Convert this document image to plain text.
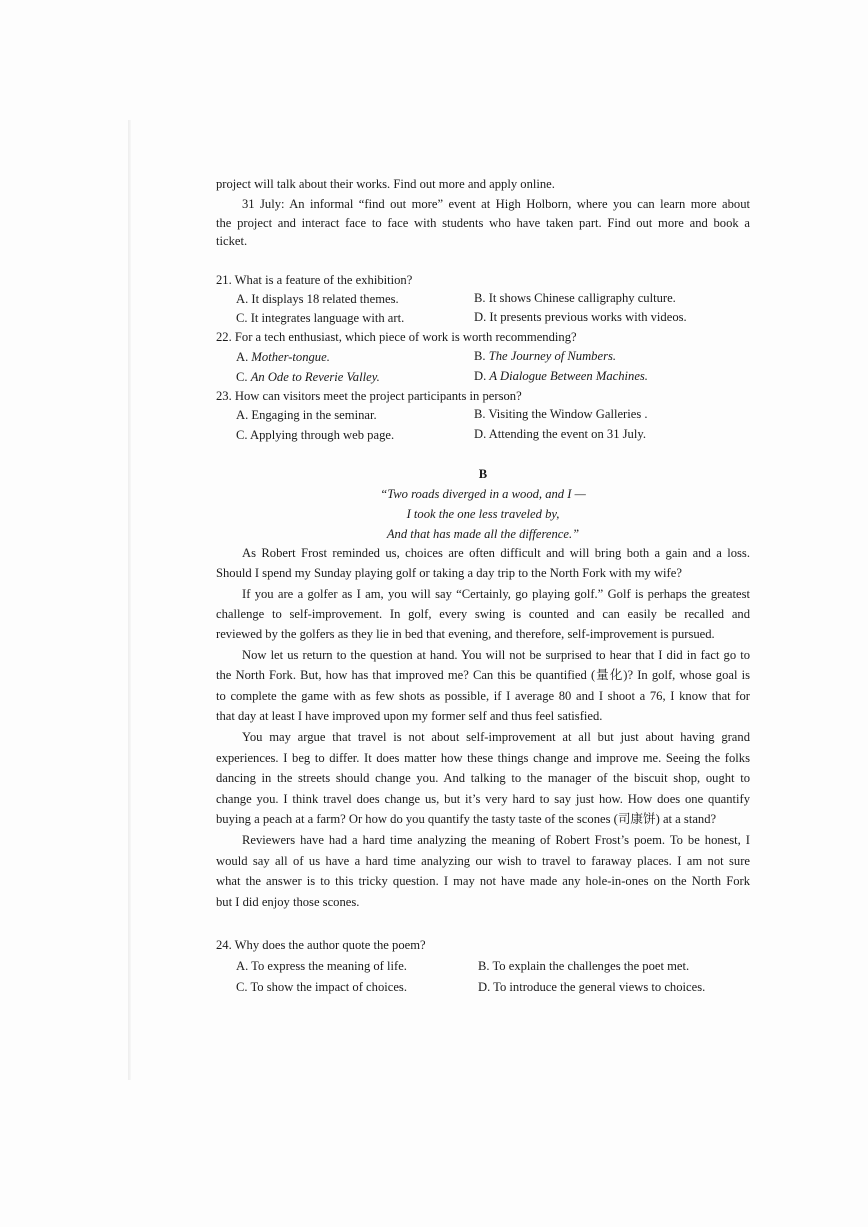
project will talk about their works. Find out more and apply online.
31 July: An informal “find out more” event at High Holborn, where you can learn more about
the project and interact face to face with students who have taken part. Find out more and book a
ticket.
21. What is a feature of the exhibition?
A. It displays 18 related themes.	B. It shows Chinese calligraphy culture.
C. It integrates language with art.	D. It presents previous works with videos.
22. For a tech enthusiast, which piece of work is worth recommending?
A. Mother-tongue.	B. The Journey of Numbers.
C. An Ode to Reverie Valley.	D. A Dialogue Between Machines.
23. How can visitors meet the project participants in person?
A. Engaging in the seminar.	B. Visiting the Window Galleries .
C. Applying through web page.	D. Attending the event on 31 July.
B
“Two roads diverged in a wood, and I —
I took the one less traveled by,
And that has made all the difference.”
As Robert Frost reminded us, choices are often difficult and will bring both a gain and a loss.
Should I spend my Sunday playing golf or taking a day trip to the North Fork with my wife?
If you are a golfer as I am, you will say “Certainly, go playing golf.” Golf is perhaps the greatest
challenge to self-improvement. In golf, every swing is counted and can easily be recalled and
reviewed by the golfers as they lie in bed that evening, and therefore, self-improvement is pursued.
Now let us return to the question at hand. You will not be surprised to hear that I did in fact go to
the North Fork. But, how has that improved me? Can this be quantified (量化)? In golf, whose goal is
to complete the game with as few shots as possible, if I average 80 and I shoot a 76, I know that for
that day at least I have improved upon my former self and thus feel satisfied.
You may argue that travel is not about self-improvement at all but just about having grand
experiences. I beg to differ. It does matter how these things change and improve me. Seeing the folks
dancing in the streets should change you. And talking to the manager of the biscuit shop, ought to
change you. I think travel does change us, but it’s very hard to say just how. How does one quantify
buying a peach at a farm? Or how do you quantify the tasty taste of the scones (司康饼) at a stand?
Reviewers have had a hard time analyzing the meaning of Robert Frost’s poem. To be honest, I
would say all of us have a hard time analyzing our wish to travel to faraway places. I am not sure
what the answer is to this tricky question. I may not have made any hole-in-ones on the North Fork
but I did enjoy those scones.
24. Why does the author quote the poem?
A. To express the meaning of life.	B. To explain the challenges the poet met.
C. To show the impact of choices.	D. To introduce the general views to choices.
